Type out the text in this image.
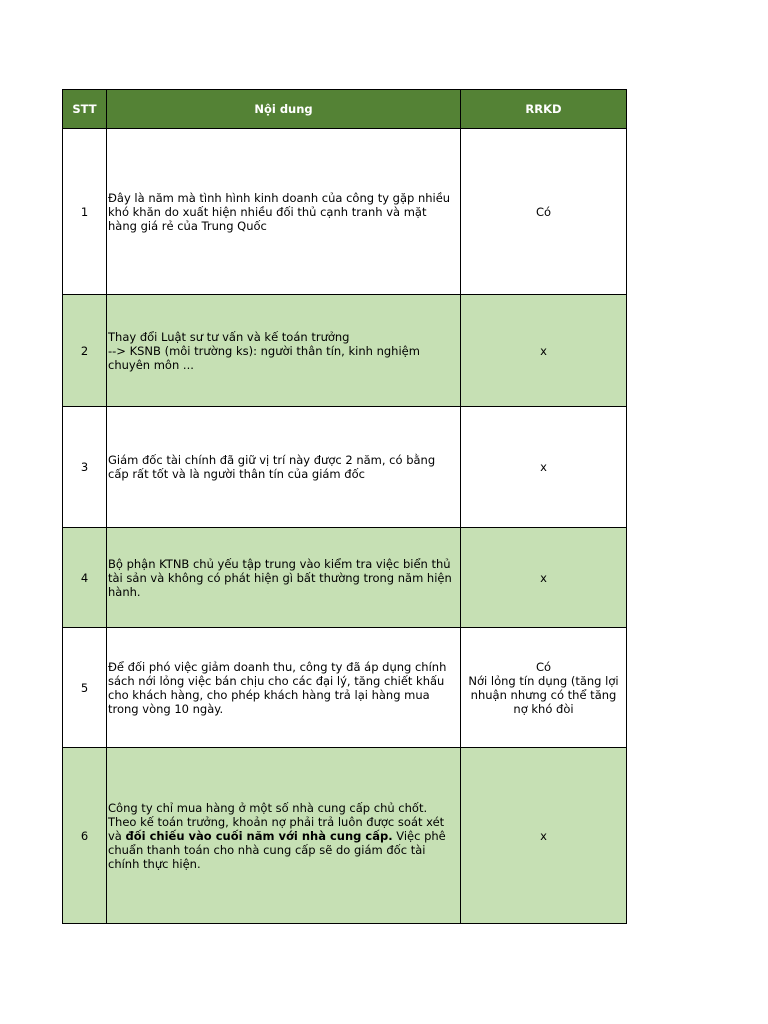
STT	Nội dung	RRKD
1	Đây là năm mà tình hình kinh doanh của công ty gặp nhiều khó khăn do xuất hiện nhiều đối thủ cạnh tranh và mặt hàng giá rẻ của Trung Quốc	Có
2	Thay đổi Luật sư tư vấn và kế toán trưởng
--> KSNB (môi trường ks): người thân tín, kinh nghiệm chuyên môn ...	x
3	Giám đốc tài chính đã giữ vị trí này được 2 năm, có bằng cấp rất tốt và là người thân tín của giám đốc	x
4	Bộ phận KTNB chủ yếu tập trung vào kiểm tra việc biển thủ tài sản và không có phát hiện gì bất thường trong năm hiện hành.	x
5	Để đối phó việc giảm doanh thu, công ty đã áp dụng chính sách nới lỏng việc bán chịu cho các đại lý, tăng chiết khấu cho khách hàng, cho phép khách hàng trả lại hàng mua trong vòng 10 ngày.	Có
Nới lỏng tín dụng (tăng lợi nhuận nhưng có thể tăng nợ khó đòi

6	Công ty chỉ mua hàng ở một số nhà cung cấp chủ chốt. Theo kế toán trưởng, khoản nợ phải trả luôn được soát xét và đối chiếu vào cuối năm với nhà cung cấp. Việc phê chuẩn thanh toán cho nhà cung cấp sẽ do giám đốc tài chính thực hiện.	x
